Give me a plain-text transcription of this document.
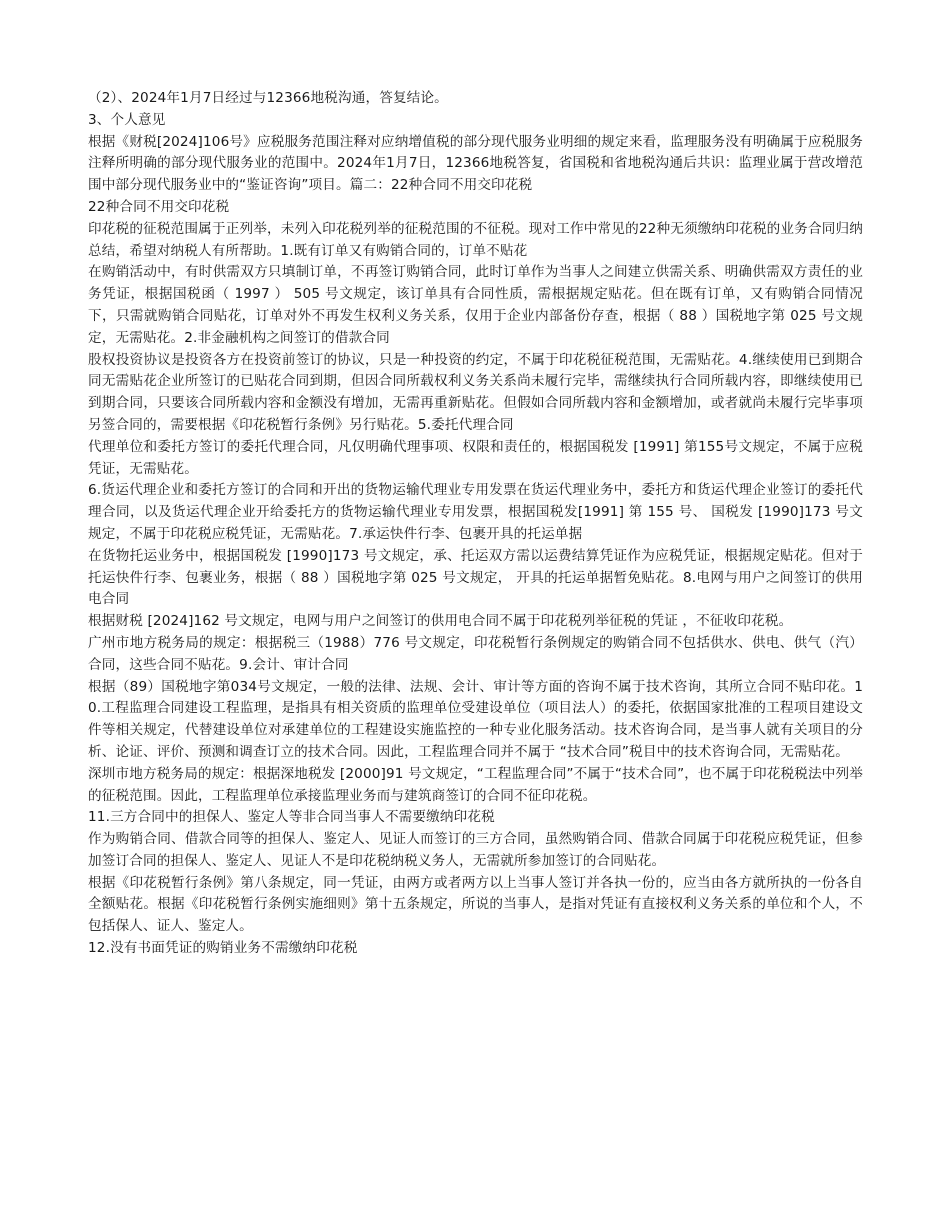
（2）、2024年1月7日经过与12366地税沟通，答复结论。

3、个人意见

根据《财税[2024]106号》应税服务范围注释对应纳增值税的部分现代服务业明细的规定来看，监理服务没有明确属于应税服务注释所明确的部分现代服务业的范围中。2024年1月7日，12366地税答复，省国税和省地税沟通后共识：监理业属于营改增范围中部分现代服务业中的“鉴证咨询”项目。篇二：22种合同不用交印花税

22种合同不用交印花税

印花税的征税范围属于正列举，未列入印花税列举的征税范围的不征税。现对工作中常见的22种无须缴纳印花税的业务合同归纳总结，希望对纳税人有所帮助。1.既有订单又有购销合同的，订单不贴花

在购销活动中，有时供需双方只填制订单，不再签订购销合同，此时订单作为当事人之间建立供需关系、明确供需双方责任的业务凭证，根据国税函（ 1997 ） 505 号文规定，该订单具有合同性质，需根据规定贴花。但在既有订单，又有购销合同情况下，只需就购销合同贴花，订单对外不再发生权利义务关系，仅用于企业内部备份存查，根据（ 88 ）国税地字第 025 号文规定，无需贴花。2.非金融机构之间签订的借款合同

股权投资协议是投资各方在投资前签订的协议，只是一种投资的约定，不属于印花税征税范围，无需贴花。4.继续使用已到期合同无需贴花企业所签订的已贴花合同到期，但因合同所载权利义务关系尚未履行完毕，需继续执行合同所载内容，即继续使用已到期合同，只要该合同所载内容和金额没有增加，无需再重新贴花。但假如合同所载内容和金额增加，或者就尚未履行完毕事项另签合同的，需要根据《印花税暂行条例》另行贴花。5.委托代理合同

代理单位和委托方签订的委托代理合同，凡仅明确代理事项、权限和责任的，根据国税发 [1991] 第155号文规定，不属于应税凭证，无需贴花。

6.货运代理企业和委托方签订的合同和开出的货物运输代理业专用发票在货运代理业务中，委托方和货运代理企业签订的委托代理合同，以及货运代理企业开给委托方的货物运输代理业专用发票，根据国税发[1991] 第 155 号、 国税发 [1990]173 号文规定，不属于印花税应税凭证，无需贴花。7.承运快件行李、包裹开具的托运单据

在货物托运业务中，根据国税发 [1990]173 号文规定，承、托运双方需以运费结算凭证作为应税凭证，根据规定贴花。但对于托运快件行李、包裹业务，根据（ 88 ）国税地字第 025 号文规定， 开具的托运单据暂免贴花。8.电网与用户之间签订的供用电合同

根据财税 [2024]162 号文规定，电网与用户之间签订的供用电合同不属于印花税列举征税的凭证 ，不征收印花税。

广州市地方税务局的规定：根据税三（1988）776 号文规定，印花税暂行条例规定的购销合同不包括供水、供电、供气（汽）合同，这些合同不贴花。9.会计、审计合同

根据（89）国税地字第034号文规定，一般的法律、法规、会计、审计等方面的咨询不属于技术咨询，其所立合同不贴印花。10.工程监理合同建设工程监理，是指具有相关资质的监理单位受建设单位（项目法人）的委托，依据国家批准的工程项目建设文件等相关规定，代替建设单位对承建单位的工程建设实施监控的一种专业化服务活动。技术咨询合同，是当事人就有关项目的分析、论证、评价、预测和调查订立的技术合同。因此，工程监理合同并不属于 “技术合同”税目中的技术咨询合同，无需贴花。

深圳市地方税务局的规定：根据深地税发 [2000]91 号文规定，“工程监理合同”不属于“技术合同”，也不属于印花税税法中列举的征税范围。因此，工程监理单位承接监理业务而与建筑商签订的合同不征印花税。

11.三方合同中的担保人、鉴定人等非合同当事人不需要缴纳印花税

作为购销合同、借款合同等的担保人、鉴定人、见证人而签订的三方合同，虽然购销合同、借款合同属于印花税应税凭证，但参加签订合同的担保人、鉴定人、见证人不是印花税纳税义务人，无需就所参加签订的合同贴花。

根据《印花税暂行条例》第八条规定，同一凭证，由两方或者两方以上当事人签订并各执一份的，应当由各方就所执的一份各自全额贴花。根据《印花税暂行条例实施细则》第十五条规定，所说的当事人，是指对凭证有直接权利义务关系的单位和个人，不包括保人、证人、鉴定人。

12.没有书面凭证的购销业务不需缴纳印花税
